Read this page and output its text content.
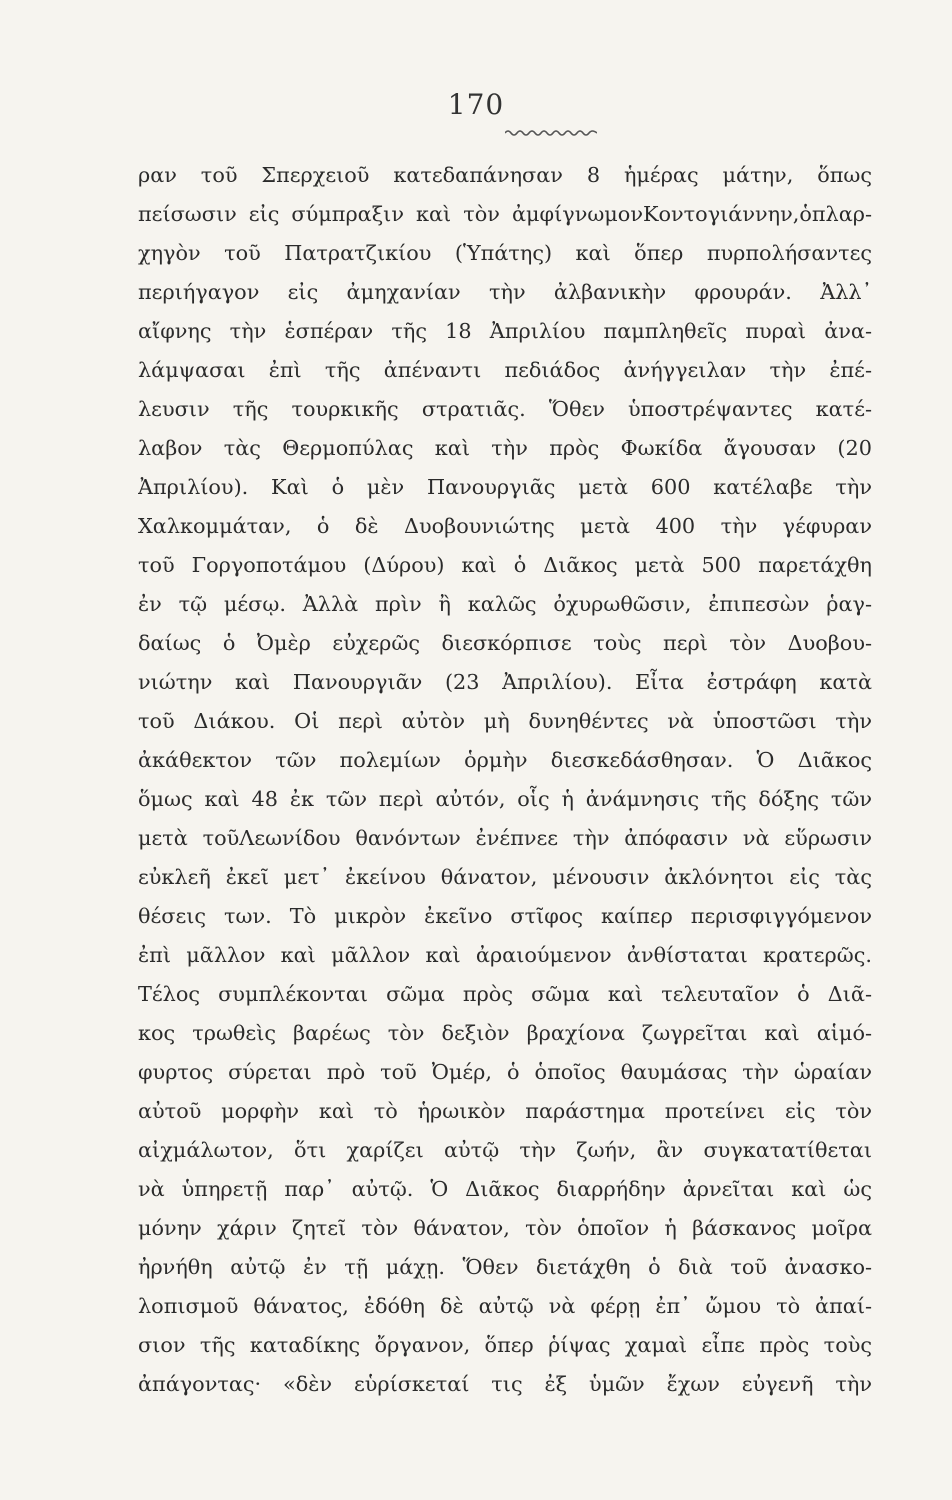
170
ραν τοῦ Σπερχειοῦ κατεδαπάνησαν 8 ἡμέρας μάτην, ὅπως
πείσωσιν εἰς σύμπραξιν καὶ τὸν ἀμφίγνωμονΚοντογιάννην,ὁπλαρ-
χηγὸν τοῦ Πατρατζικίου (Ὑπάτης) καὶ ὅπερ πυρπολήσαντες
περιήγαγον εἰς ἀμηχανίαν τὴν ἀλβανικὴν φρουράν. Ἀλλ᾽
αἴφνης τὴν ἑσπέραν τῆς 18 Ἀπριλίου παμπληθεῖς πυραὶ ἀνα-
λάμψασαι ἐπὶ τῆς ἀπέναντι πεδιάδος ἀνήγγειλαν τὴν ἐπέ-
λευσιν τῆς τουρκικῆς στρατιᾶς. Ὅθεν ὑποστρέψαντες κατέ-
λαβον τὰς Θερμοπύλας καὶ τὴν πρὸς Φωκίδα ἄγουσαν (20
Ἀπριλίου). Καὶ ὁ μὲν Πανουργιᾶς μετὰ 600 κατέλαβε τὴν
Χαλκομμάταν, ὁ δὲ Δυοβουνιώτης μετὰ 400 τὴν γέφυραν
τοῦ Γοργοποτάμου (Δύρου) καὶ ὁ Διᾶκος μετὰ 500 παρετάχθη
ἐν τῷ μέσῳ. Ἀλλὰ πρὶν ἢ καλῶς ὀχυρωθῶσιν, ἐπιπεσὼν ῥαγ-
δαίως ὁ Ὀμὲρ εὐχερῶς διεσκόρπισε τοὺς περὶ τὸν Δυοβου-
νιώτην καὶ Πανουργιᾶν (23 Ἀπριλίου). Εἶτα ἐστράφη κατὰ
τοῦ Διάκου. Οἱ περὶ αὐτὸν μὴ δυνηθέντες νὰ ὑποστῶσι τὴν
ἀκάθεκτον τῶν πολεμίων ὁρμὴν διεσκεδάσθησαν. Ὁ Διᾶκος
ὅμως καὶ 48 ἐκ τῶν περὶ αὐτόν, οἷς ἡ ἀνάμνησις τῆς δόξης τῶν
μετὰ τοῦΛεωνίδου θανόντων ἐνέπνεε τὴν ἀπόφασιν νὰ εὕρωσιν
εὐκλεῆ ἐκεῖ μετ᾽ ἐκείνου θάνατον, μένουσιν ἀκλόνητοι εἰς τὰς
θέσεις των. Τὸ μικρὸν ἐκεῖνο στῖφος καίπερ περισφιγγόμενον
ἐπὶ μᾶλλον καὶ μᾶλλον καὶ ἀραιούμενον ἀνθίσταται κρατερῶς.
Τέλος συμπλέκονται σῶμα πρὸς σῶμα καὶ τελευταῖον ὁ Διᾶ-
κος τρωθεὶς βαρέως τὸν δεξιὸν βραχίονα ζωγρεῖται καὶ αἱμό-
φυρτος σύρεται πρὸ τοῦ Ὀμέρ, ὁ ὁποῖος θαυμάσας τὴν ὡραίαν
αὐτοῦ μορφὴν καὶ τὸ ἡρωικὸν παράστημα προτείνει εἰς τὸν
αἰχμάλωτον, ὅτι χαρίζει αὐτῷ τὴν ζωήν, ἂν συγκατατίθεται
νὰ ὑπηρετῇ παρ᾽ αὐτῷ. Ὁ Διᾶκος διαρρήδην ἀρνεῖται καὶ ὡς
μόνην χάριν ζητεῖ τὸν θάνατον, τὸν ὁποῖον ἡ βάσκανος μοῖρα
ἠρνήθη αὐτῷ ἐν τῇ μάχῃ. Ὅθεν διετάχθη ὁ διὰ τοῦ ἀνασκο-
λοπισμοῦ θάνατος, ἐδόθη δὲ αὐτῷ νὰ φέρῃ ἐπ᾽ ὤμου τὸ ἀπαί-
σιον τῆς καταδίκης ὄργανον, ὅπερ ῥίψας χαμαὶ εἶπε πρὸς τοὺς
ἀπάγοντας· «δὲν εὑρίσκεταί τις ἐξ ὑμῶν ἔχων εὐγενῆ τὴν
